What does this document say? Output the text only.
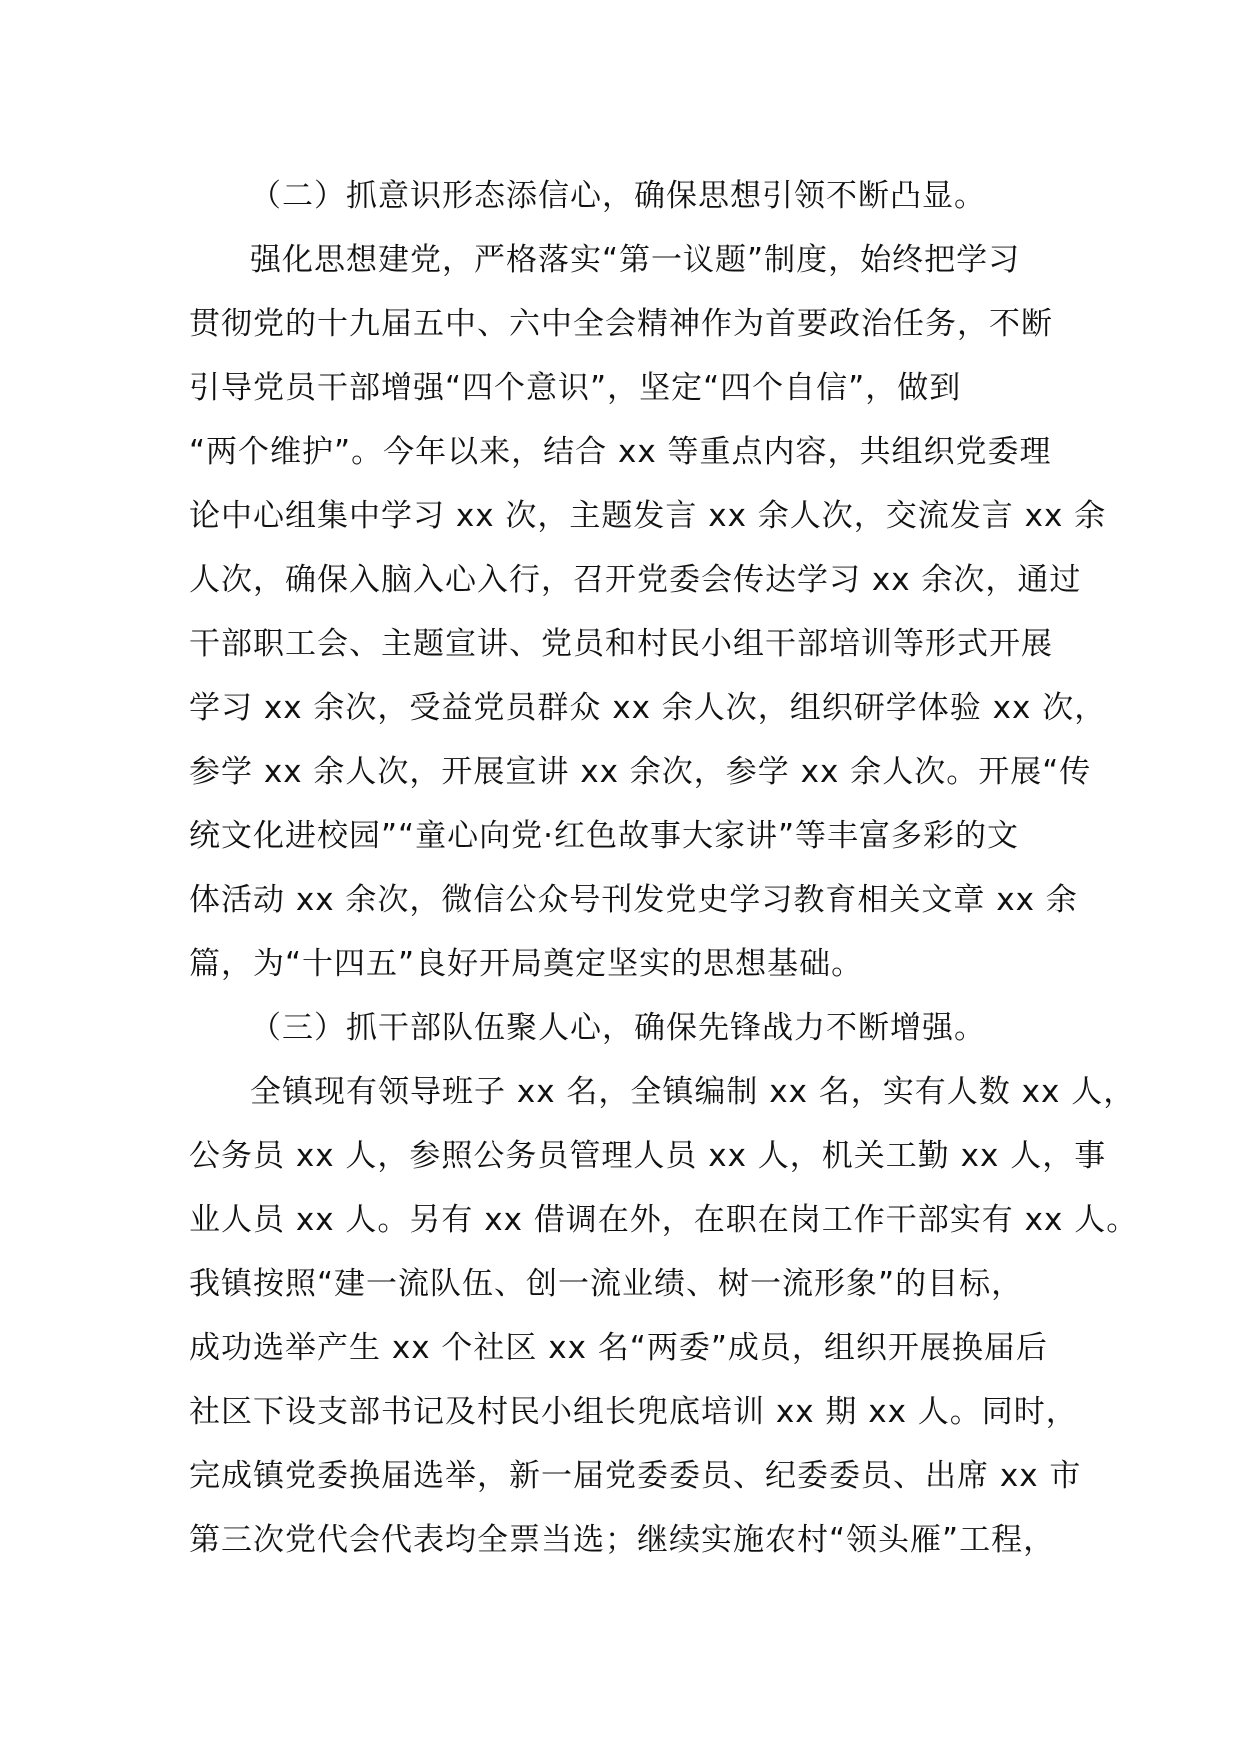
（二）抓意识形态添信心，确保思想引领不断凸显。
强化思想建党，严格落实“第一议题”制度，始终把学习
贯彻党的十九届五中、六中全会精神作为首要政治任务，不断
引导党员干部增强“四个意识”，坚定“四个自信”，做到
“两个维护”。今年以来，结合 xx 等重点内容，共组织党委理
论中心组集中学习 xx 次，主题发言 xx 余人次，交流发言 xx 余
人次，确保入脑入心入行，召开党委会传达学习 xx 余次，通过
干部职工会、主题宣讲、党员和村民小组干部培训等形式开展
学习 xx 余次，受益党员群众 xx 余人次，组织研学体验 xx 次，
参学 xx 余人次，开展宣讲 xx 余次，参学 xx 余人次。开展“传
统文化进校园”“童心向党·红色故事大家讲”等丰富多彩的文
体活动 xx 余次，微信公众号刊发党史学习教育相关文章 xx 余
篇，为“十四五”良好开局奠定坚实的思想基础。
（三）抓干部队伍聚人心，确保先锋战力不断增强。
全镇现有领导班子 xx 名，全镇编制 xx 名，实有人数 xx 人，
公务员 xx 人，参照公务员管理人员 xx 人，机关工勤 xx 人，事
业人员 xx 人。另有 xx 借调在外，在职在岗工作干部实有 xx 人。
我镇按照“建一流队伍、创一流业绩、树一流形象”的目标，
成功选举产生 xx 个社区 xx 名“两委”成员，组织开展换届后
社区下设支部书记及村民小组长兜底培训 xx 期 xx 人。同时，
完成镇党委换届选举，新一届党委委员、纪委委员、出席 xx 市
第三次党代会代表均全票当选；继续实施农村“领头雁”工程，
